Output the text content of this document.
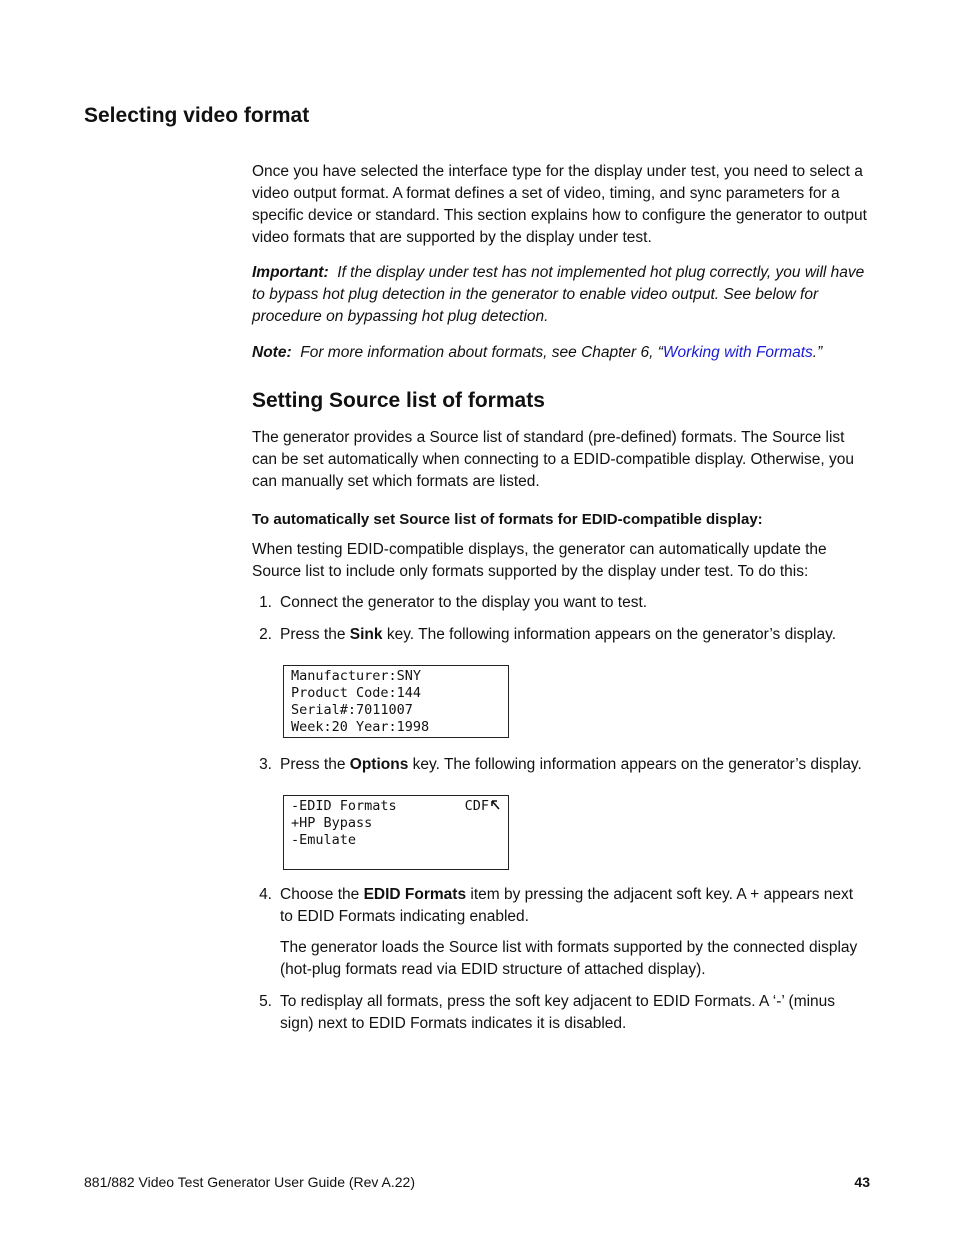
Selecting video format

Once you have selected the interface type for the display under test, you need to select a video output format. A format defines a set of video, timing, and sync parameters for a specific device or standard. This section explains how to configure the generator to output video formats that are supported by the display under test.

Important: If the display under test has not implemented hot plug correctly, you will have to bypass hot plug detection in the generator to enable video output. See below for procedure on bypassing hot plug detection.

Note: For more information about formats, see Chapter 6, “Working with Formats.”

Setting Source list of formats

The generator provides a Source list of standard (pre-defined) formats. The Source list can be set automatically when connecting to a EDID-compatible display. Otherwise, you can manually set which formats are listed.

To automatically set Source list of formats for EDID-compatible display:

When testing EDID-compatible displays, the generator can automatically update the Source list to include only formats supported by the display under test. To do this:

1. Connect the generator to the display you want to test.
2. Press the Sink key. The following information appears on the generator’s display.
Manufacturer:SNY
Product Code:144
Serial#:7011007
Week:20 Year:1998
3. Press the Options key. The following information appears on the generator’s display.
-EDID Formats
+HP Bypass
-Emulate
CDF
4. Choose the EDID Formats item by pressing the adjacent soft key. A + appears next to EDID Formats indicating enabled.

The generator loads the Source list with formats supported by the connected display (hot-plug formats read via EDID structure of attached display).

5. To redisplay all formats, press the soft key adjacent to EDID Formats. A ‘-’ (minus sign) next to EDID Formats indicates it is disabled.
881/882 Video Test Generator User Guide (Rev A.22)	43
